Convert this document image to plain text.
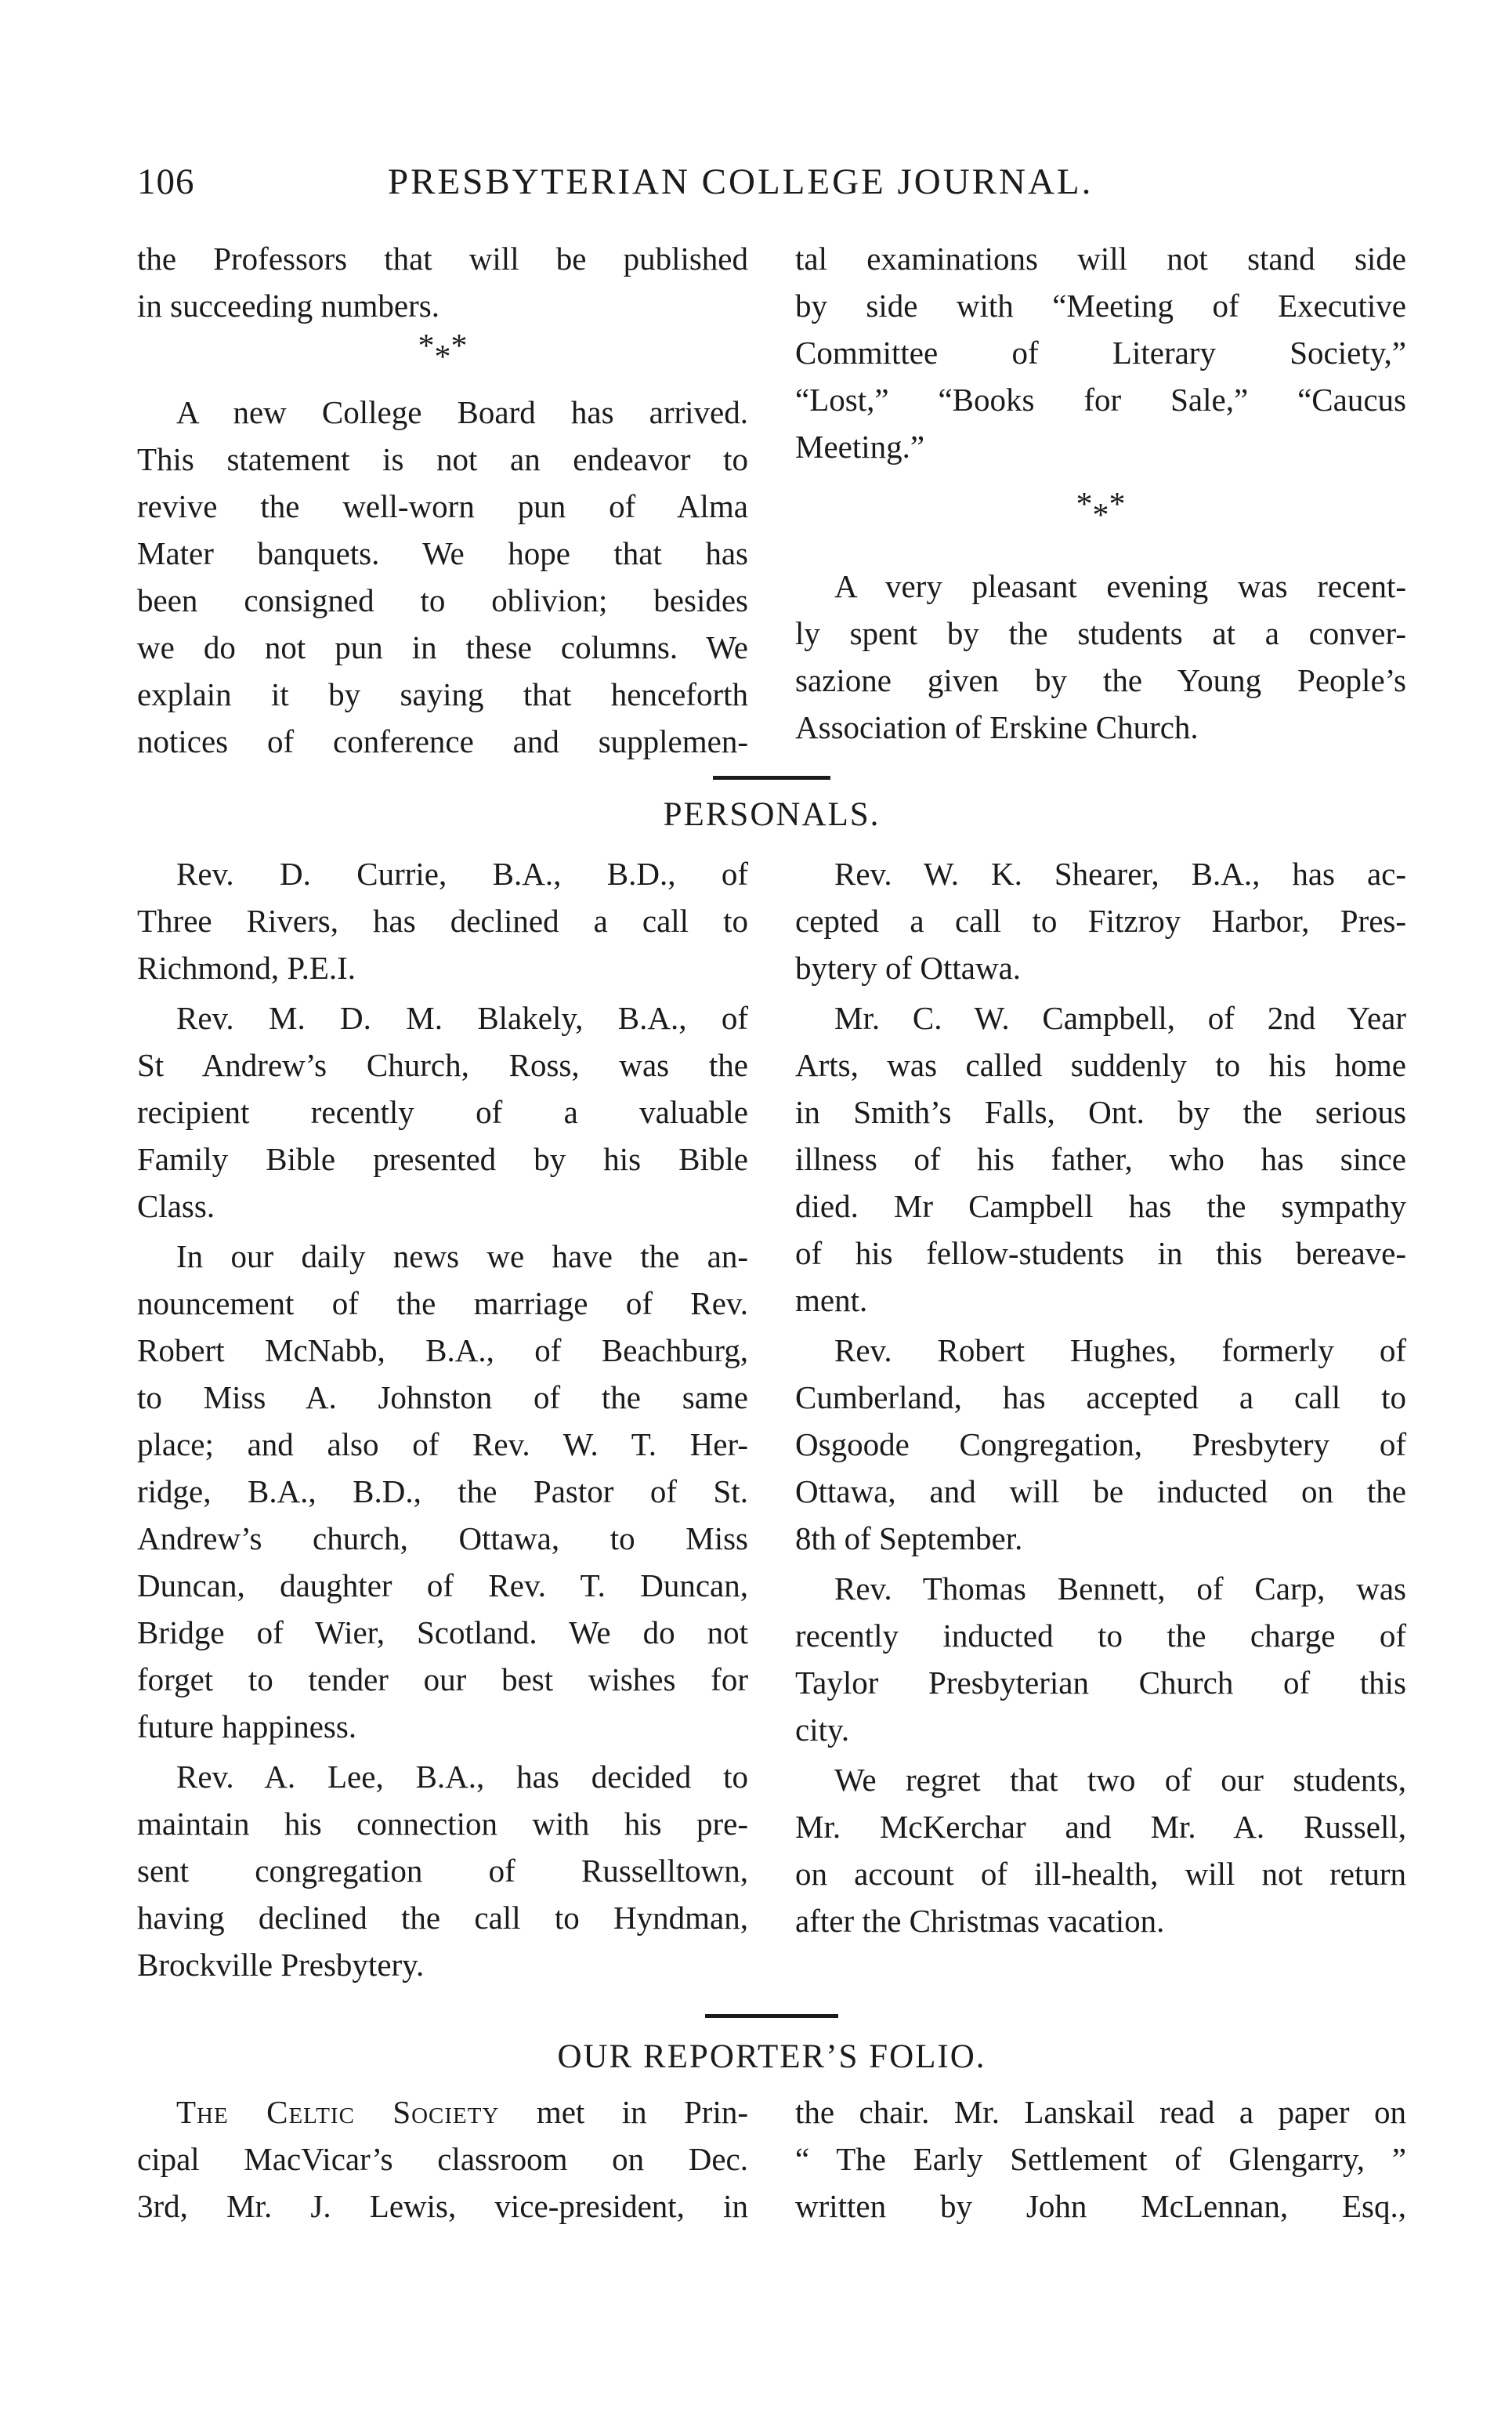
106	PRESBYTERIAN COLLEGE JOURNAL.

the Professors that will be published

in succeeding numbers.

***

A new College Board has arrived.

This statement is not an endeavor to

revive the well-worn pun of Alma

Mater banquets. We hope that has

been consigned to oblivion; besides

we do not pun in these columns. We

explain it by saying that henceforth

notices of conference and supplemen-

tal examinations will not stand side

by side with “Meeting of Executive

Committee of Literary Society,”

“Lost,” “Books for Sale,” “Caucus

Meeting.”

***

A very pleasant evening was recent-

ly spent by the students at a conver-

sazione given by the Young People’s

Association of Erskine Church.

PERSONALS.

Rev. D. Currie, B.A., B.D., of

Three Rivers, has declined a call to

Richmond, P.E.I.

Rev. M. D. M. Blakely, B.A., of

St Andrew’s Church, Ross, was the

recipient recently of a valuable

Family Bible presented by his Bible

Class.

In our daily news we have the an-

nouncement of the marriage of Rev.

Robert McNabb, B.A., of Beachburg,

to Miss A. Johnston of the same

place; and also of Rev. W. T. Her-

ridge, B.A., B.D., the Pastor of St.

Andrew’s church, Ottawa, to Miss

Duncan, daughter of Rev. T. Duncan,

Bridge of Wier, Scotland. We do not

forget to tender our best wishes for

future happiness.

Rev. A. Lee, B.A., has decided to

maintain his connection with his pre-

sent congregation of Russelltown,

having declined the call to Hyndman,

Brockville Presbytery.

Rev. W. K. Shearer, B.A., has ac-

cepted a call to Fitzroy Harbor, Pres-

bytery of Ottawa.

Mr. C. W. Campbell, of 2nd Year

Arts, was called suddenly to his home

in Smith’s Falls, Ont. by the serious

illness of his father, who has since

died. Mr Campbell has the sympathy

of his fellow-students in this bereave-

ment.

Rev. Robert Hughes, formerly of

Cumberland, has accepted a call to

Osgoode Congregation, Presbytery of

Ottawa, and will be inducted on the

8th of September.

Rev. Thomas Bennett, of Carp, was

recently inducted to the charge of

Taylor Presbyterian Church of this

city.

We regret that two of our students,

Mr. McKerchar and Mr. A. Russell,

on account of ill-health, will not return

after the Christmas vacation.

OUR REPORTER’S FOLIO.

The Celtic Society met in Prin-

cipal MacVicar’s classroom on Dec.

3rd, Mr. J. Lewis, vice-president, in

the chair. Mr. Lanskail read a paper on

“ The Early Settlement of Glengarry, ”

written by John McLennan, Esq.,
